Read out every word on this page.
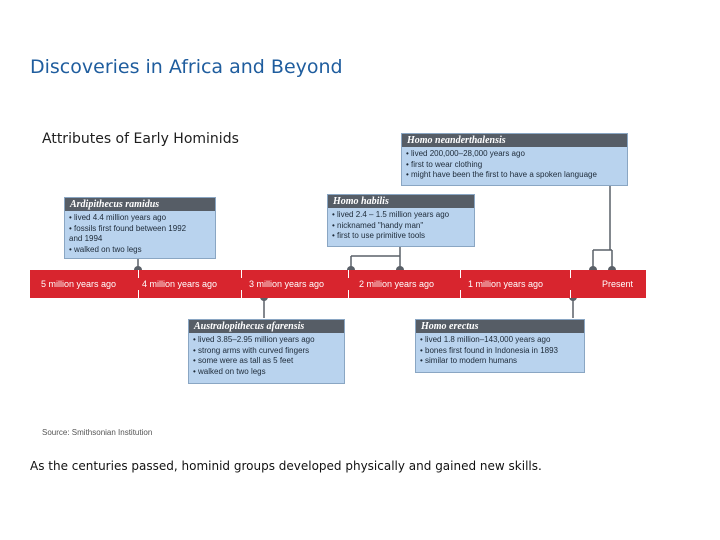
Discoveries in Africa and Beyond
Attributes of Early Hominids
5 million years ago	4 million years ago	3 million years ago	2 million years ago	1 million years ago	Present
Homo neanderthalensis
• lived 200,000–28,000 years ago
• first to wear clothing
• might have been the first to have a spoken language
Ardipithecus ramidus
• lived 4.4 million years ago
• fossils first found between 1992
and 1994
• walked on two legs
Homo habilis
• lived 2.4 – 1.5 million years ago
• nicknamed "handy man"
• first to use primitive tools
Australopithecus afarensis
• lived 3.85–2.95 million years ago
• strong arms with curved fingers
• some were as tall as 5 feet
• walked on two legs
Homo erectus
• lived 1.8 million–143,000 years ago
• bones first found in Indonesia in 1893
• similar to modern humans
Source: Smithsonian Institution

As the centuries passed, hominid groups developed physically and gained new skills.
